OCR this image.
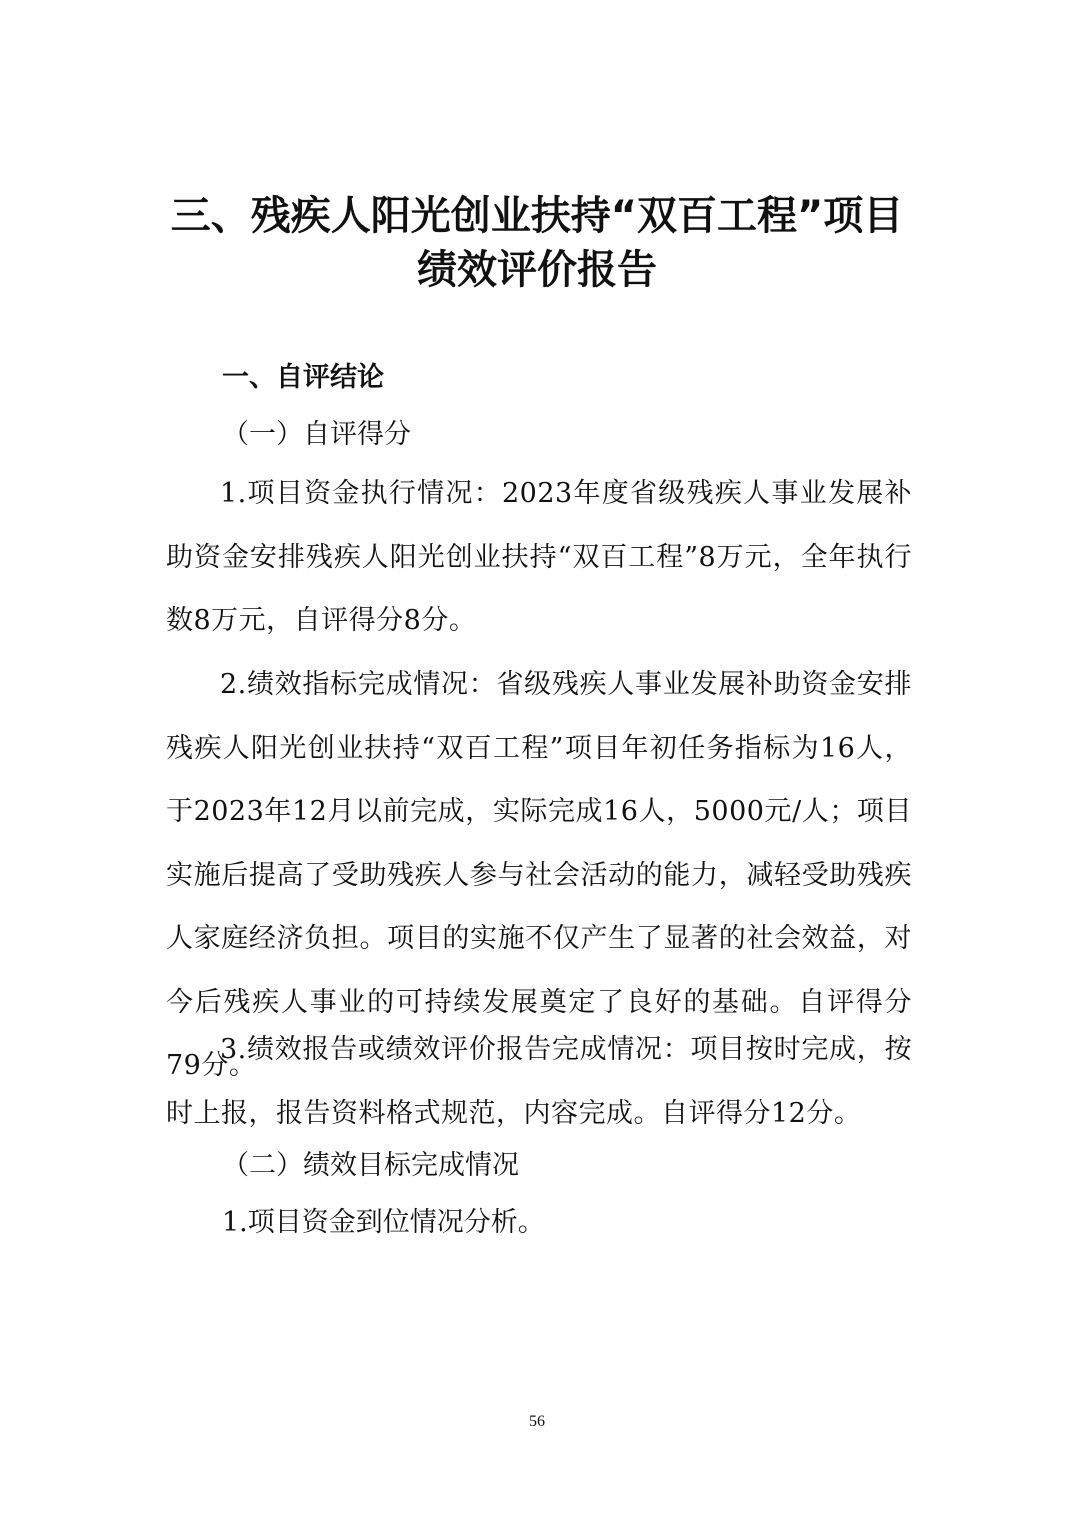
三、残疾人阳光创业扶持“双百工程”项目
绩效评价报告
一、自评结论
（一）自评得分
1.项目资金执行情况：2023年度省级残疾人事业发展补助资金安排残疾人阳光创业扶持“双百工程”8万元，全年执行数8万元，自评得分8分。
2.绩效指标完成情况：省级残疾人事业发展补助资金安排残疾人阳光创业扶持“双百工程”项目年初任务指标为16人，于2023年12月以前完成，实际完成16人，5000元/人；项目实施后提高了受助残疾人参与社会活动的能力，减轻受助残疾人家庭经济负担。项目的实施不仅产生了显著的社会效益，对今后残疾人事业的可持续发展奠定了良好的基础。自评得分79分。
3.绩效报告或绩效评价报告完成情况：项目按时完成，按时上报，报告资料格式规范，内容完成。自评得分12分。
（二）绩效目标完成情况
1.项目资金到位情况分析。
56
